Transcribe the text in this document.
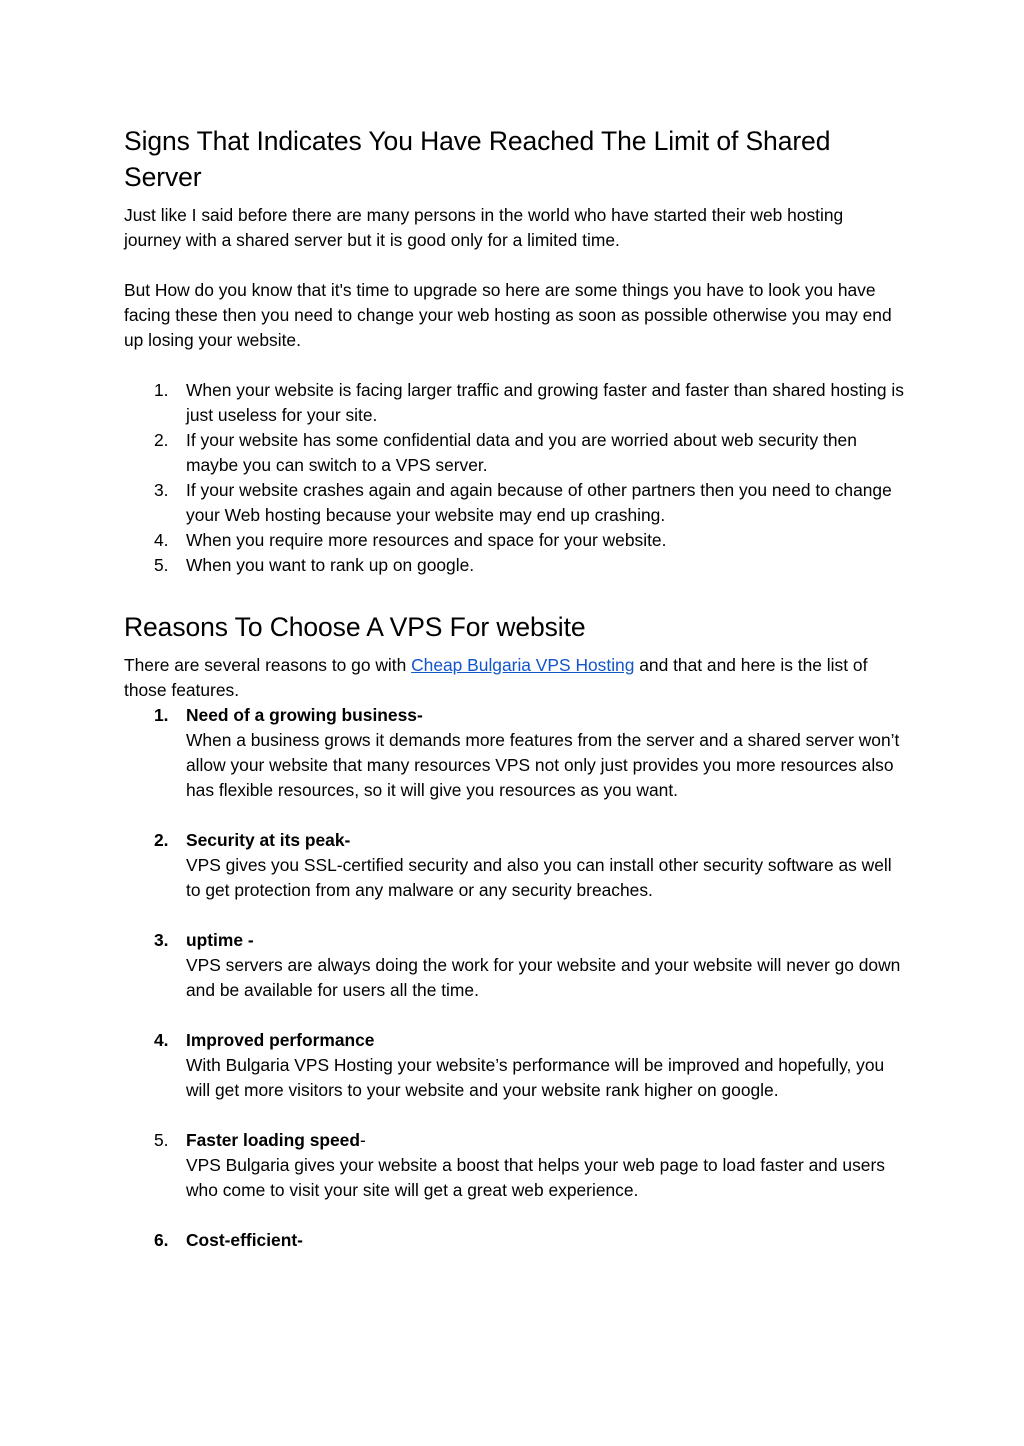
Signs That Indicates You Have Reached The Limit of Shared Server

Just like I said before there are many persons in the world who have started their web hosting journey with a shared server but it is good only for a limited time.

But How do you know that it's time to upgrade so here are some things you have to look you have facing these then you need to change your web hosting as soon as possible otherwise you may end up losing your website.

1.	When your website is facing larger traffic and growing faster and faster than shared hosting is just useless for your site.
2.	If your website has some confidential data and you are worried about web security then maybe you can switch to a VPS server.
3.	If your website crashes again and again because of other partners then you need to change your Web hosting because your website may end up crashing.
4.	When you require more resources and space for your website.
5.	When you want to rank up on google.
Reasons To Choose A VPS For website

There are several reasons to go with Cheap Bulgaria VPS Hosting and that and here is the list of those features.

1.	Need of a growing business-
When a business grows it demands more features from the server and a shared server won’t allow your website that many resources VPS not only just provides you more resources also has flexible resources, so it will give you resources as you want.
2.	Security at its peak-
VPS gives you SSL-certified security and also you can install other security software as well to get protection from any malware or any security breaches.
3.	uptime -
VPS servers are always doing the work for your website and your website will never go down and be available for users all the time.
4.	Improved performance
With Bulgaria VPS Hosting your website’s performance will be improved and hopefully, you will get more visitors to your website and your website rank higher on google.
5.	Faster loading speed-
VPS Bulgaria gives your website a boost that helps your web page to load faster and users who come to visit your site will get a great web experience.
6.	Cost-efficient-
